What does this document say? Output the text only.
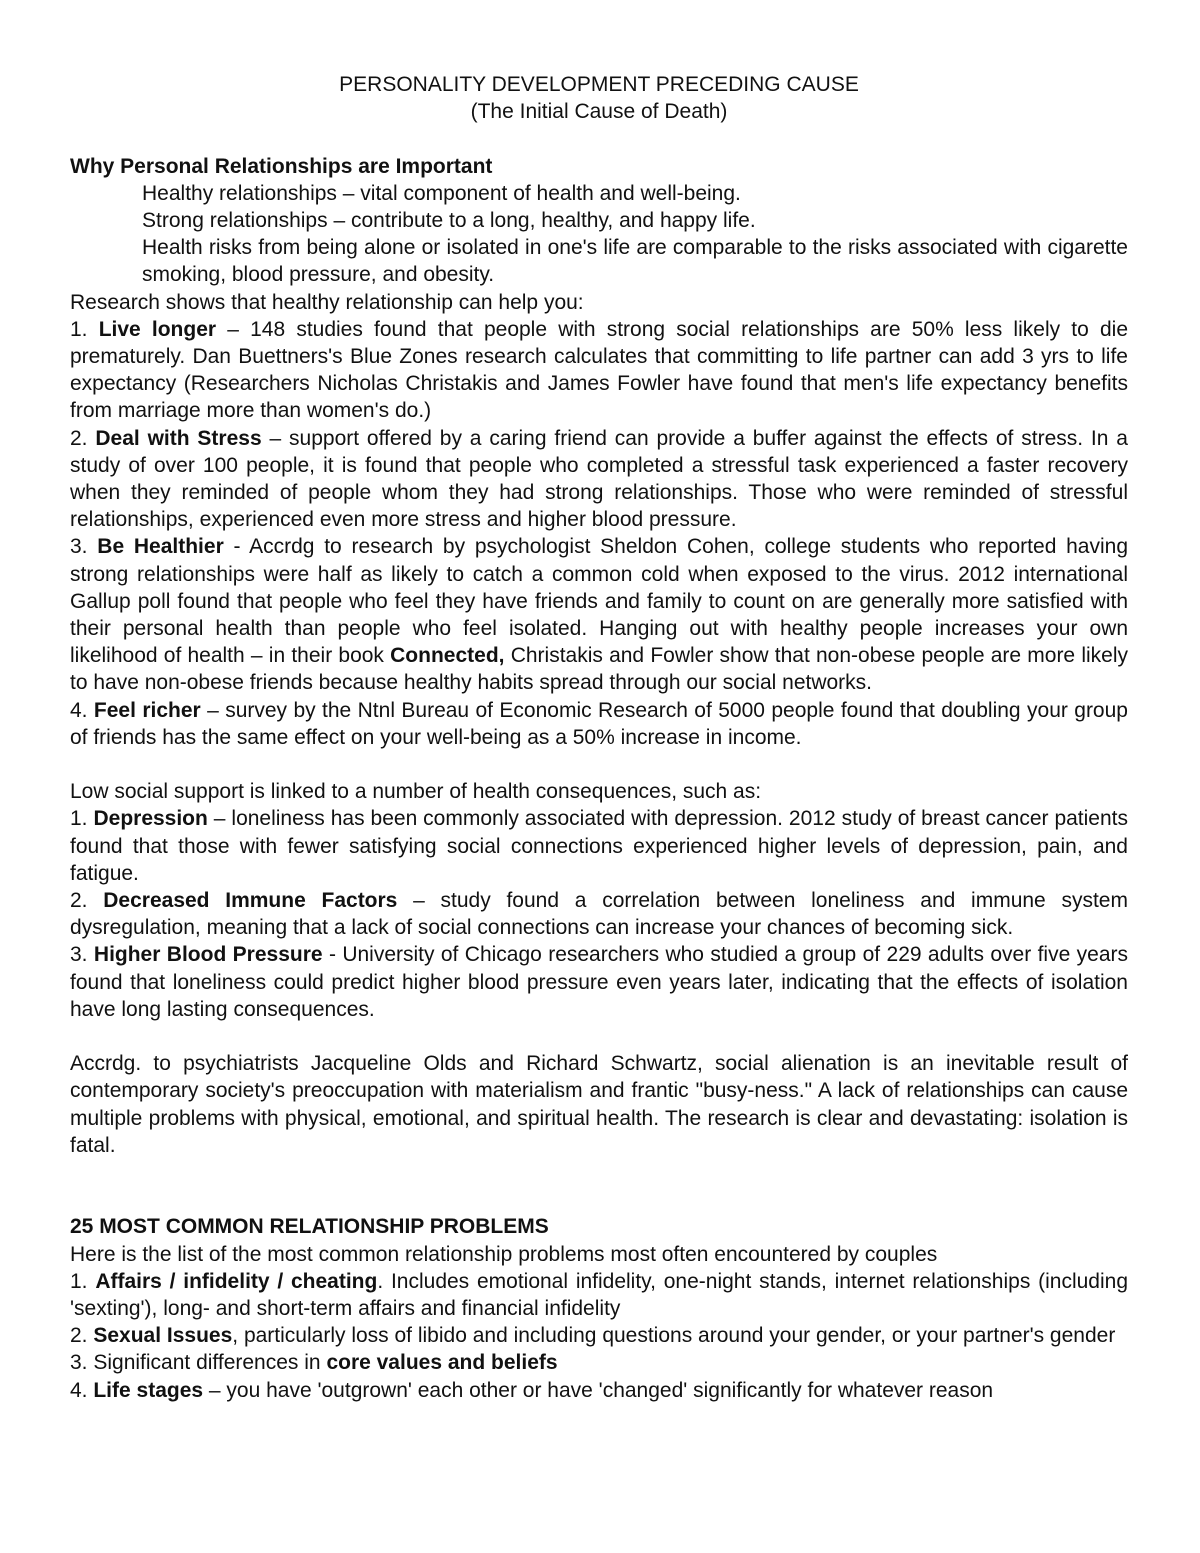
PERSONALITY DEVELOPMENT PRECEDING CAUSE

(The Initial Cause of Death)

Why Personal Relationships are Important

Healthy relationships – vital component of health and well-being.

Strong relationships – contribute to a long, healthy, and happy life.

Health risks from being alone or isolated in one's life are comparable to the risks associated with cigarette smoking, blood pressure, and obesity.

Research shows that healthy relationship can help you:

1. Live longer – 148 studies found that people with strong social relationships are 50% less likely to die prematurely. Dan Buettners's Blue Zones research calculates that committing to life partner can add 3 yrs to life expectancy (Researchers Nicholas Christakis and James Fowler have found that men's life expectancy benefits from marriage more than women's do.)

2. Deal with Stress – support offered by a caring friend can provide a buffer against the effects of stress. In a study of over 100 people, it is found that people who completed a stressful task experienced a faster recovery when they reminded of people whom they had strong relationships. Those who were reminded of stressful relationships, experienced even more stress and higher blood pressure.

3. Be Healthier - Accrdg to research by psychologist Sheldon Cohen, college students who reported having strong relationships were half as likely to catch a common cold when exposed to the virus. 2012 international Gallup poll found that people who feel they have friends and family to count on are generally more satisfied with their personal health than people who feel isolated. Hanging out with healthy people increases your own likelihood of health – in their book Connected, Christakis and Fowler show that non-obese people are more likely to have non-obese friends because healthy habits spread through our social networks.

4. Feel richer – survey by the Ntnl Bureau of Economic Research of 5000 people found that doubling your group of friends has the same effect on your well-being as a 50% increase in income.

Low social support is linked to a number of health consequences, such as:

1. Depression – loneliness has been commonly associated with depression. 2012 study of breast cancer patients found that those with fewer satisfying social connections experienced higher levels of depression, pain, and fatigue.

2. Decreased Immune Factors – study found a correlation between loneliness and immune system dysregulation, meaning that a lack of social connections can increase your chances of becoming sick.

3. Higher Blood Pressure - University of Chicago researchers who studied a group of 229 adults over five years found that loneliness could predict higher blood pressure even years later, indicating that the effects of isolation have long lasting consequences.

Accrdg. to psychiatrists Jacqueline Olds and Richard Schwartz, social alienation is an inevitable result of contemporary society's preoccupation with materialism and frantic "busy-ness." A lack of relationships can cause multiple problems with physical, emotional, and spiritual health. The research is clear and devastating: isolation is fatal.

25 MOST COMMON RELATIONSHIP PROBLEMS

Here is the list of the most common relationship problems most often encountered by couples

1. Affairs / infidelity / cheating. Includes emotional infidelity, one-night stands, internet relationships (including 'sexting'), long- and short-term affairs and financial infidelity

2. Sexual Issues, particularly loss of libido and including questions around your gender, or your partner's gender

3. Significant differences in core values and beliefs

4. Life stages – you have 'outgrown' each other or have 'changed' significantly for whatever reason
